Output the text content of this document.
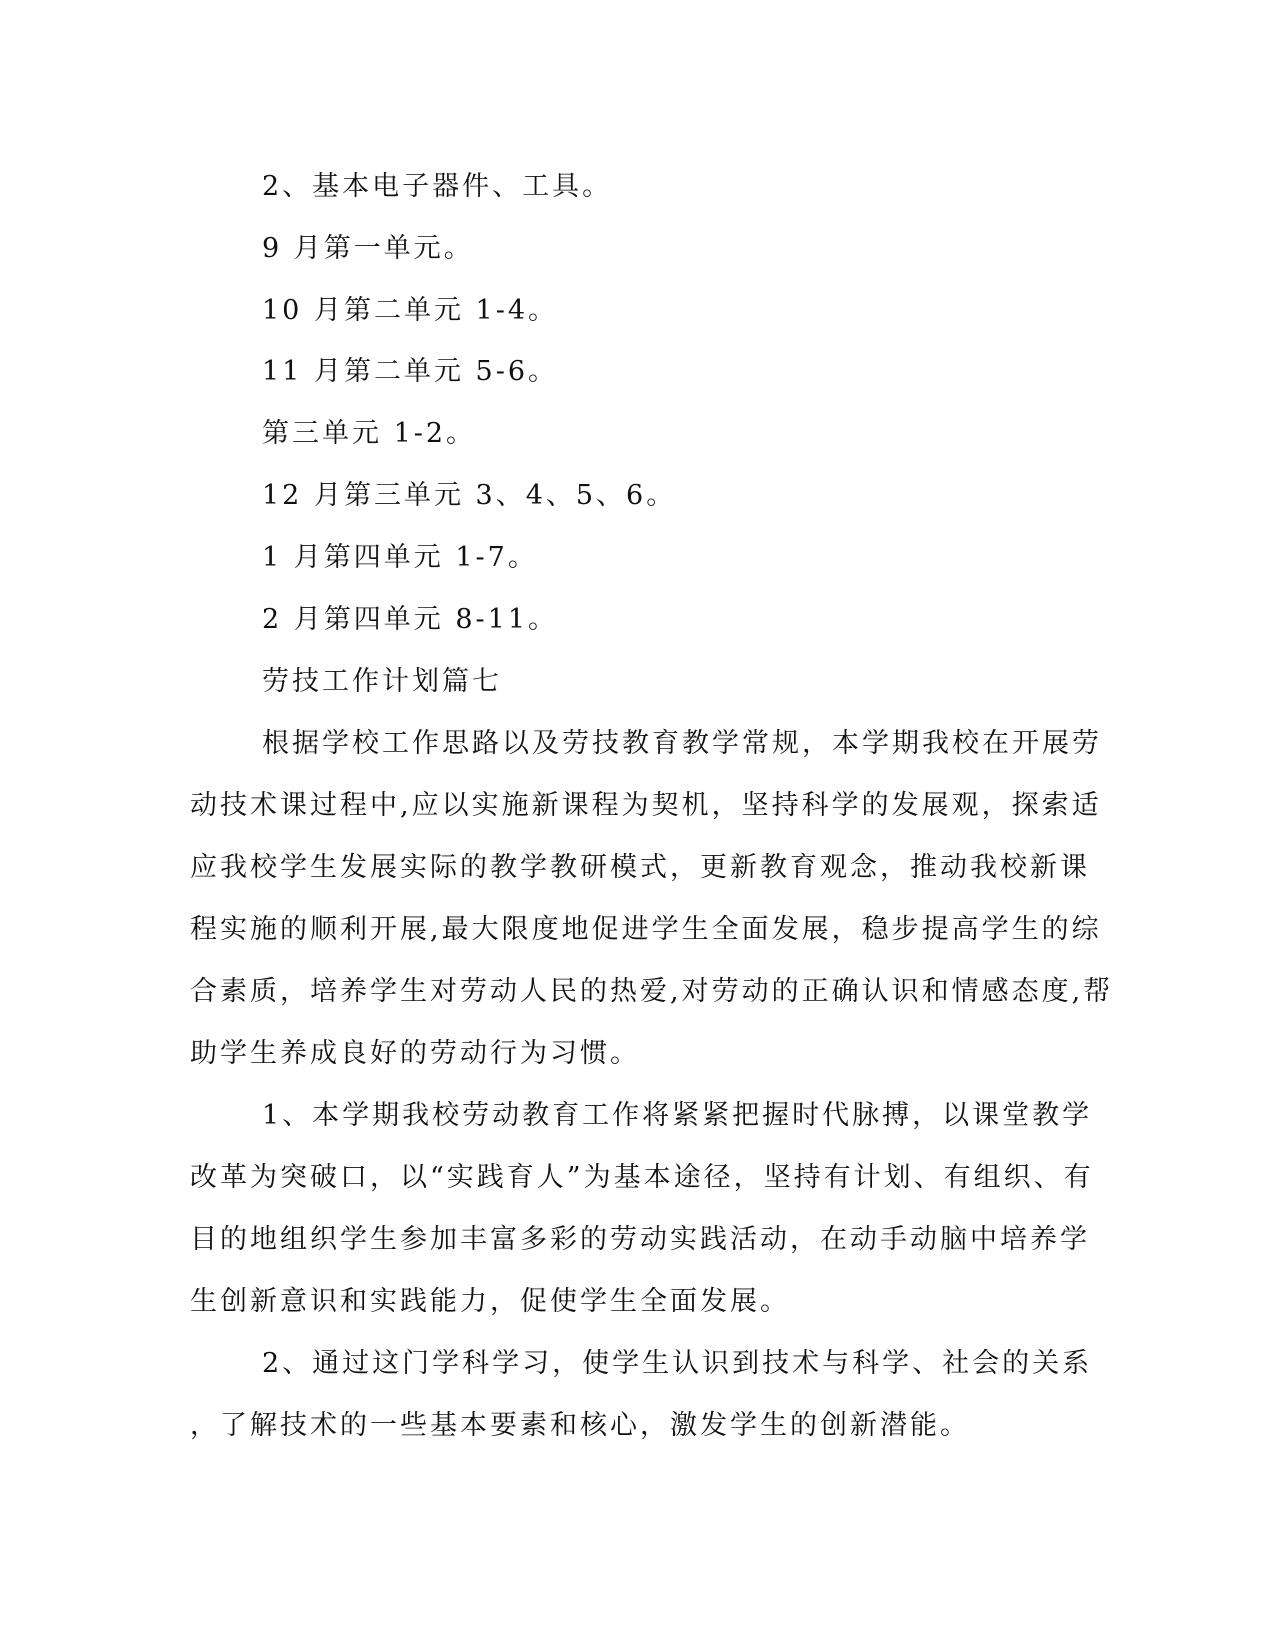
2、基本电子器件、工具。
9 月第一单元。
10 月第二单元 1-4。
11 月第二单元 5-6。
第三单元 1-2。
12 月第三单元 3、4、5、6。
1 月第四单元 1-7。
2 月第四单元 8-11。
劳技工作计划篇七
根据学校工作思路以及劳技教育教学常规，本学期我校在开展劳
动技术课过程中,应以实施新课程为契机，坚持科学的发展观，探索适
应我校学生发展实际的教学教研模式，更新教育观念，推动我校新课
程实施的顺利开展,最大限度地促进学生全面发展，稳步提高学生的综
合素质，培养学生对劳动人民的热爱,对劳动的正确认识和情感态度,帮
助学生养成良好的劳动行为习惯。
1、本学期我校劳动教育工作将紧紧把握时代脉搏，以课堂教学
改革为突破口，以“实践育人”为基本途径，坚持有计划、有组织、有
目的地组织学生参加丰富多彩的劳动实践活动，在动手动脑中培养学
生创新意识和实践能力，促使学生全面发展。
2、通过这门学科学习，使学生认识到技术与科学、社会的关系
，了解技术的一些基本要素和核心，激发学生的创新潜能。
